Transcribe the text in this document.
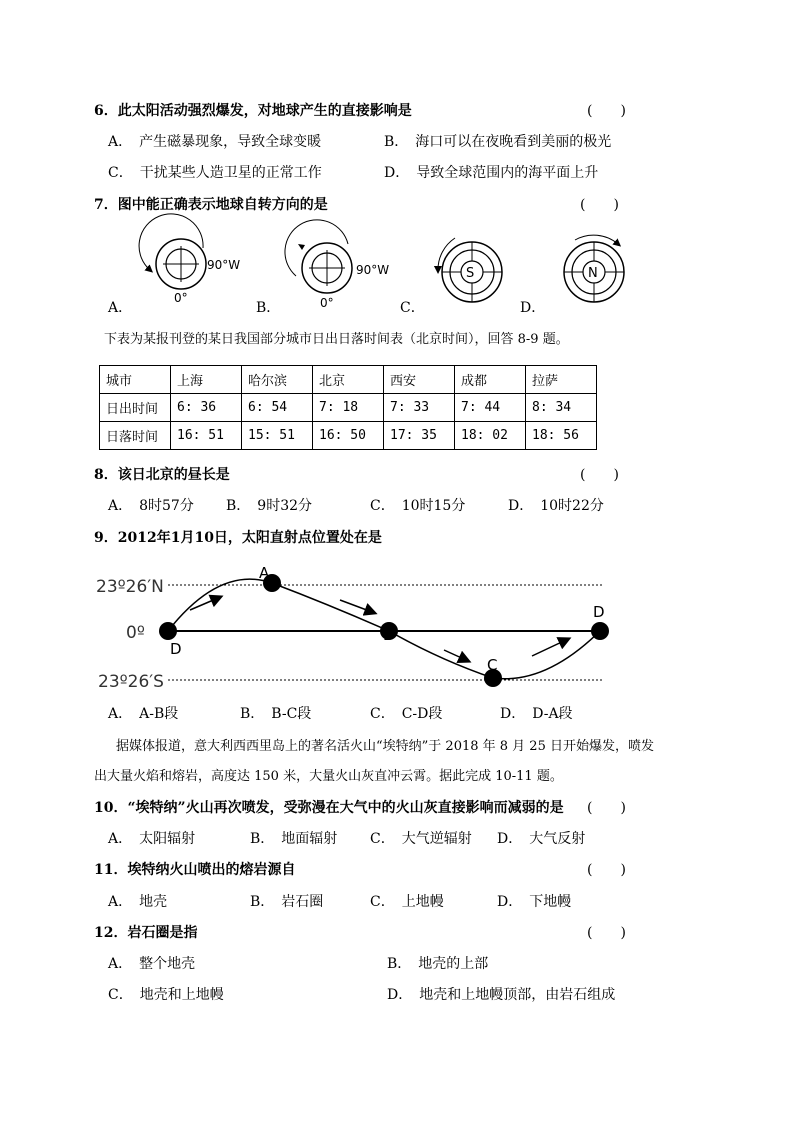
6．此太阳活动强烈爆发，对地球产生的直接影响是	(　　)
A．　产生磁暴现象，导致全球变暖	B．　海口可以在夜晚看到美丽的极光
C．　干扰某些人造卫星的正常工作	D．　导致全球范围内的海平面上升
7．图中能正确表示地球自转方向的是	(　　)
90°W
0°
90°W
0°
S	N
A．	B．	C．	D．
下表为某报刊登的某日我国部分城市日出日落时间表（北京时间），回答 8-9 题。
城市	上海	哈尔滨	北京	西安	成都	拉萨
日出时间	6: 36	6: 54	7: 18	7: 33	7: 44	8: 34
日落时间	16: 51	15: 51	16: 50	17: 35	18: 02	18: 56
8．该日北京的昼长是	(　　)
A．　8时57分 B．　9时32分	C．　10时15分	D．　10时22分
9．2012年1月10日，太阳直射点位置处在是
23º26′N
0º
23º26′S
A
B
C
D
D
A．　A-B段	B．　B-C段	C．　C-D段	D．　D-A段
据媒体报道，意大利西西里岛上的著名活火山“埃特纳”于 2018 年 8 月 25 日开始爆发，喷发
出大量火焰和熔岩，高度达 150 米，大量火山灰直冲云霄。据此完成 10-11 题。
10．“埃特纳”火山再次喷发，受弥漫在大气中的火山灰直接影响而减弱的是 (　　)
A．　太阳辐射	B．　地面辐射 C．　大气逆辐射 D．　大气反射
11．埃特纳火山喷出的熔岩源自	(　　)
A．　地壳	B．　岩石圈	C．　上地幔	D．　下地幔
12．岩石圈是指	(　　)
A．　整个地壳	B．　地壳的上部
C．　地壳和上地幔	D．　地壳和上地幔顶部，由岩石组成
